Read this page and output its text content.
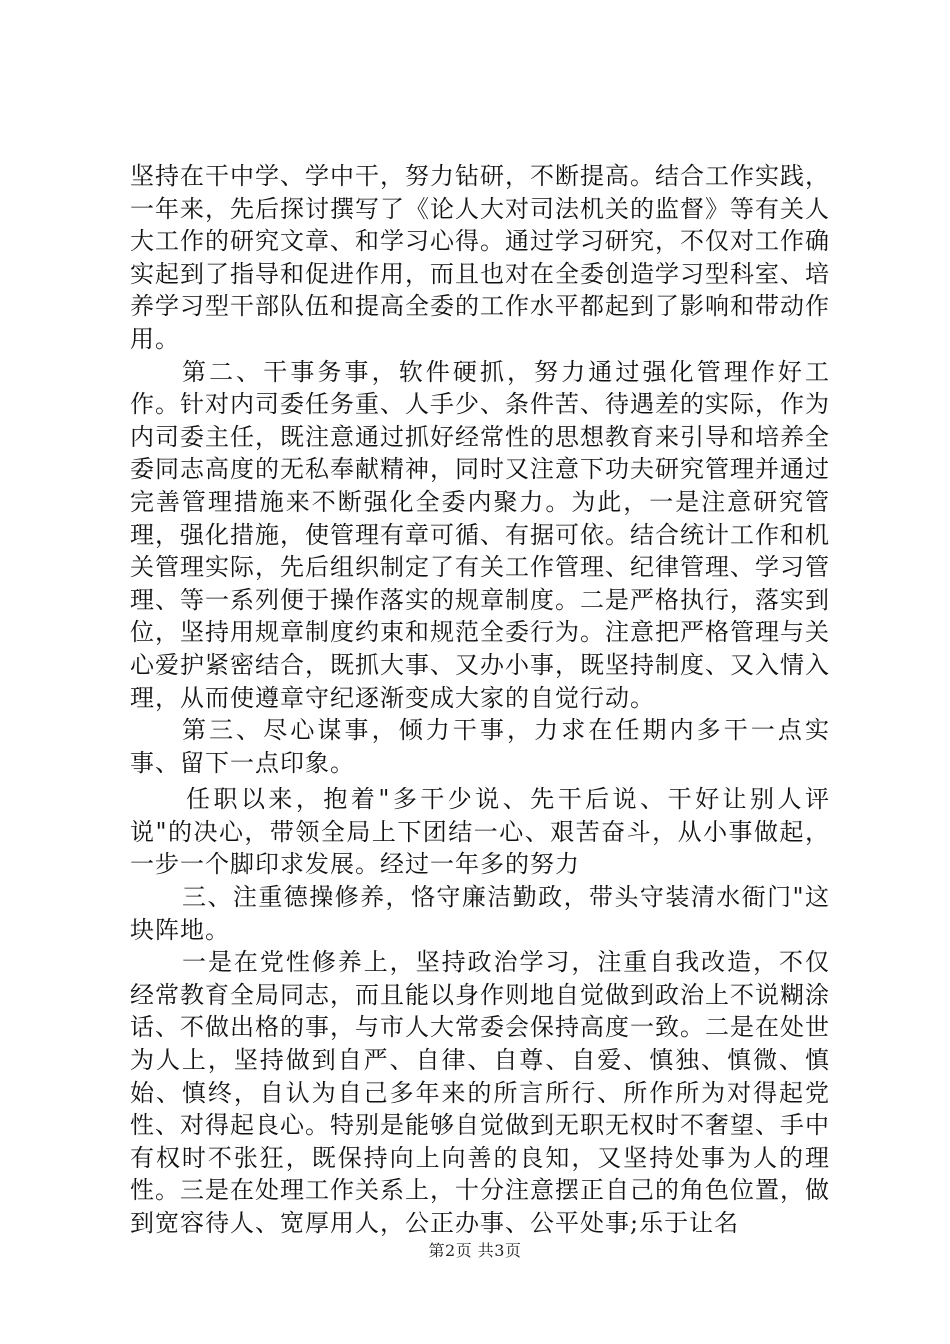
坚持在干中学、学中干，努力钻研，不断提高。结合工作实践，一年来，先后探讨撰写了《论人大对司法机关的监督》等有关人大工作的研究文章、和学习心得。通过学习研究，不仅对工作确实起到了指导和促进作用，而且也对在全委创造学习型科室、培养学习型干部队伍和提高全委的工作水平都起到了影响和带动作用。

第二、干事务事，软件硬抓，努力通过强化管理作好工作。针对内司委任务重、人手少、条件苦、待遇差的实际，作为内司委主任，既注意通过抓好经常性的思想教育来引导和培养全委同志高度的无私奉献精神，同时又注意下功夫研究管理并通过完善管理措施来不断强化全委内聚力。为此，一是注意研究管理，强化措施，使管理有章可循、有据可依。结合统计工作和机关管理实际，先后组织制定了有关工作管理、纪律管理、学习管理、等一系列便于操作落实的规章制度。二是严格执行，落实到位，坚持用规章制度约束和规范全委行为。注意把严格管理与关心爱护紧密结合，既抓大事、又办小事，既坚持制度、又入情入理，从而使遵章守纪逐渐变成大家的自觉行动。

第三、尽心谋事，倾力干事，力求在任期内多干一点实事、留下一点印象。

任职以来，抱着"多干少说、先干后说、干好让别人评说"的决心，带领全局上下团结一心、艰苦奋斗，从小事做起，一步一个脚印求发展。经过一年多的努力

三、注重德操修养，恪守廉洁勤政，带头守装清水衙门"这块阵地。

一是在党性修养上，坚持政治学习，注重自我改造，不仅经常教育全局同志，而且能以身作则地自觉做到政治上不说糊涂话、不做出格的事，与市人大常委会保持高度一致。二是在处世为人上，坚持做到自严、自律、自尊、自爱、慎独、慎微、慎始、慎终，自认为自己多年来的所言所行、所作所为对得起党性、对得起良心。特别是能够自觉做到无职无权时不奢望、手中有权时不张狂，既保持向上向善的良知，又坚持处事为人的理性。三是在处理工作关系上，十分注意摆正自己的角色位置，做到宽容待人、宽厚用人，公正办事、公平处事;乐于让名

第2页 共3页
